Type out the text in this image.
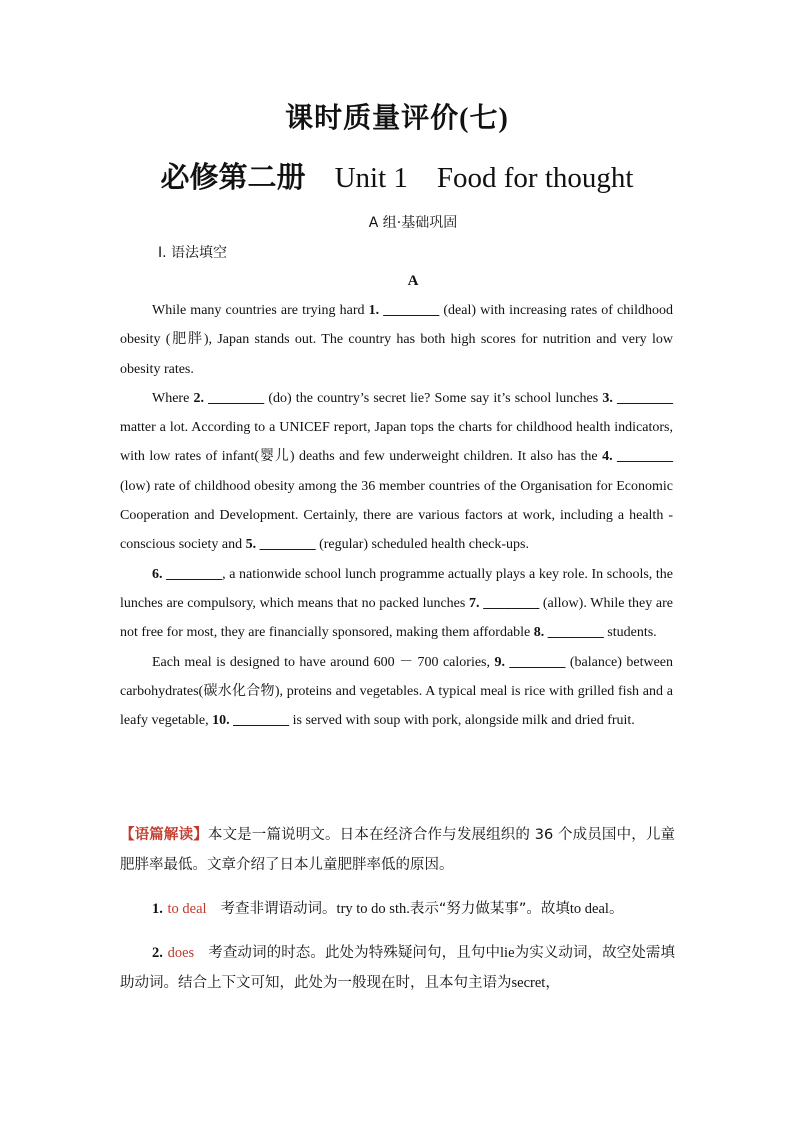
课时质量评价(七)
必修第二册 Unit 1 Food for thought
A 组·基础巩固
Ⅰ. 语法填空
A

While many countries are trying hard 1. ________ (deal) with increasing rates of childhood obesity (肥胖), Japan stands out. The country has both high scores for nutrition and very low obesity rates.

Where 2. ________ (do) the country’s secret lie? Some say it’s school lunches 3. ________ matter a lot. According to a UNICEF report, Japan tops the charts for childhood health indicators, with low rates of infant(婴儿) deaths and few underweight children. It also has the 4. ________ (low) rate of childhood obesity among the 36 member countries of the Organisation for Economic Cooperation and Development. Certainly, there are various factors at work, including a health - conscious society and 5. ________ (regular) scheduled health check-ups.

6. ________, a nationwide school lunch programme actually plays a key role. In schools, the lunches are compulsory, which means that no packed lunches 7. ________ (allow). While they are not free for most, they are financially sponsored, making them affordable 8. ________ students.

Each meal is designed to have around 600 － 700 calories, 9. ________ (balance) between carbohydrates(碳水化合物), proteins and vegetables. A typical meal is rice with grilled fish and a leafy vegetable, 10. ________ is served with soup with pork, alongside milk and dried fruit.

【语篇解读】本文是一篇说明文。日本在经济合作与发展组织的 36 个成员国中，儿童肥胖率最低。文章介绍了日本儿童肥胖率低的原因。

1. to deal 考查非谓语动词。try to do sth.表示“努力做某事”。故填to deal。

2. does 考查动词的时态。此处为特殊疑问句，且句中lie为实义动词，故空处需填助动词。结合上下文可知，此处为一般现在时，且本句主语为secret，
